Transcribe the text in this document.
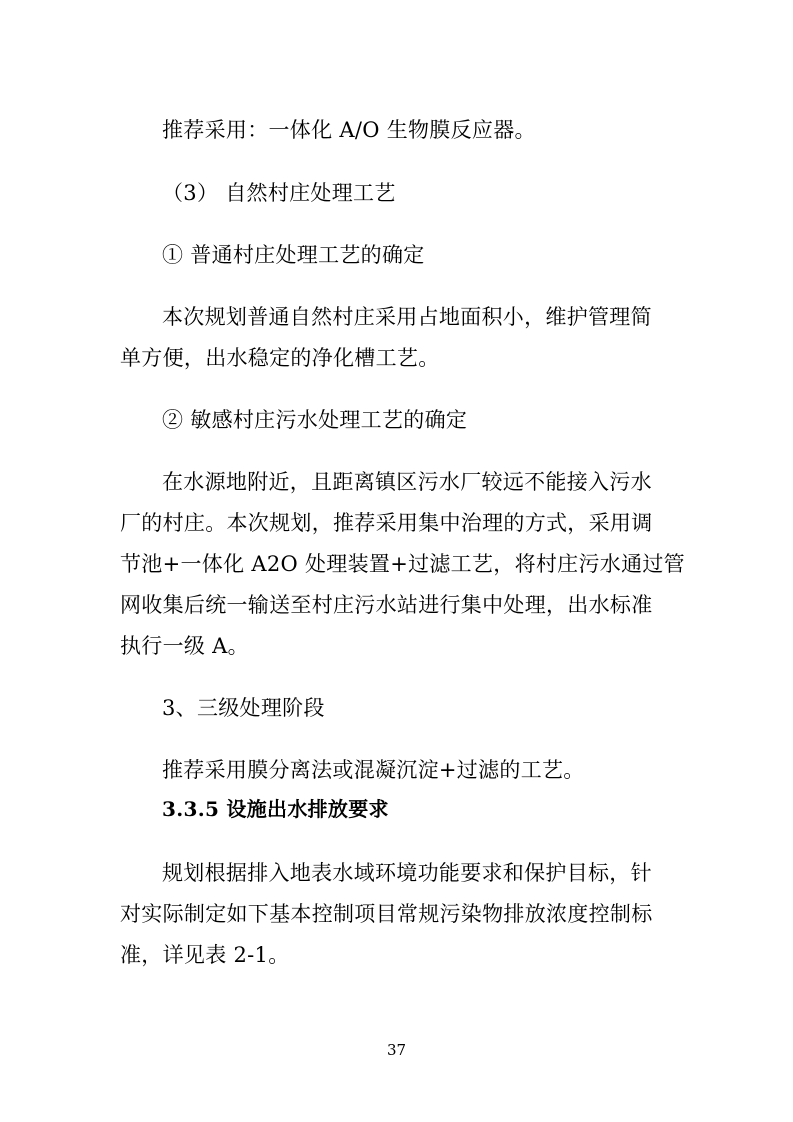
推荐采用：一体化 A/O 生物膜反应器。
（3） 自然村庄处理工艺
① 普通村庄处理工艺的确定
本次规划普通自然村庄采用占地面积小，维护管理简
单方便，出水稳定的净化槽工艺。
② 敏感村庄污水处理工艺的确定
在水源地附近，且距离镇区污水厂较远不能接入污水
厂的村庄。本次规划，推荐采用集中治理的方式，采用调
节池+一体化 A2O 处理装置+过滤工艺，将村庄污水通过管
网收集后统一输送至村庄污水站进行集中处理，出水标准
执行一级 A。
3、三级处理阶段
推荐采用膜分离法或混凝沉淀+过滤的工艺。
3.3.5 设施出水排放要求
规划根据排入地表水域环境功能要求和保护目标，针
对实际制定如下基本控制项目常规污染物排放浓度控制标
准，详见表 2-1。
37
